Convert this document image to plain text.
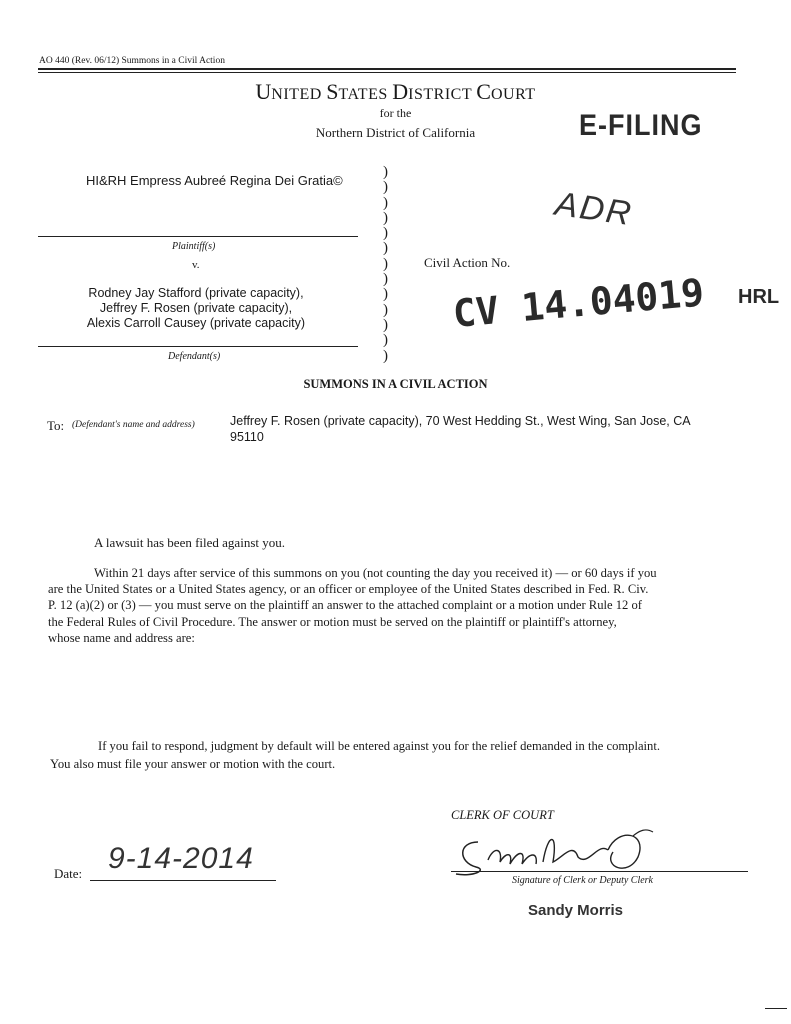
AO 440 (Rev. 06/12) Summons in a Civil Action
UNITED STATES DISTRICT COURT
for the
Northern District of California	E-FILING
ADR
CV 14.04019 HRL
HI&RH Empress Aubreé Regina Dei Gratia©
Plaintiff(s)
v.
Rodney Jay Stafford (private capacity),
Jeffrey F. Rosen (private capacity),
Alexis Carroll Causey (private capacity)
Defendant(s)
)
)
)
)
)
)
)
)
)
)
)
)
)
Civil Action No.
SUMMONS IN A CIVIL ACTION
To: (Defendant's name and address)	Jeffrey F. Rosen (private capacity), 70 West Hedding St., West Wing, San Jose, CA
95110
A lawsuit has been filed against you.
Within 21 days after service of this summons on you (not counting the day you received it) — or 60 days if you
are the United States or a United States agency, or an officer or employee of the United States described in Fed. R. Civ.
P. 12 (a)(2) or (3) — you must serve on the plaintiff an answer to the attached complaint or a motion under Rule 12 of
the Federal Rules of Civil Procedure. The answer or motion must be served on the plaintiff or plaintiff's attorney,
whose name and address are:
If you fail to respond, judgment by default will be entered against you for the relief demanded in the complaint.
You also must file your answer or motion with the court.
CLERK OF COURT
Signature of Clerk or Deputy Clerk
Sandy Morris
Date: 9-14-2014
